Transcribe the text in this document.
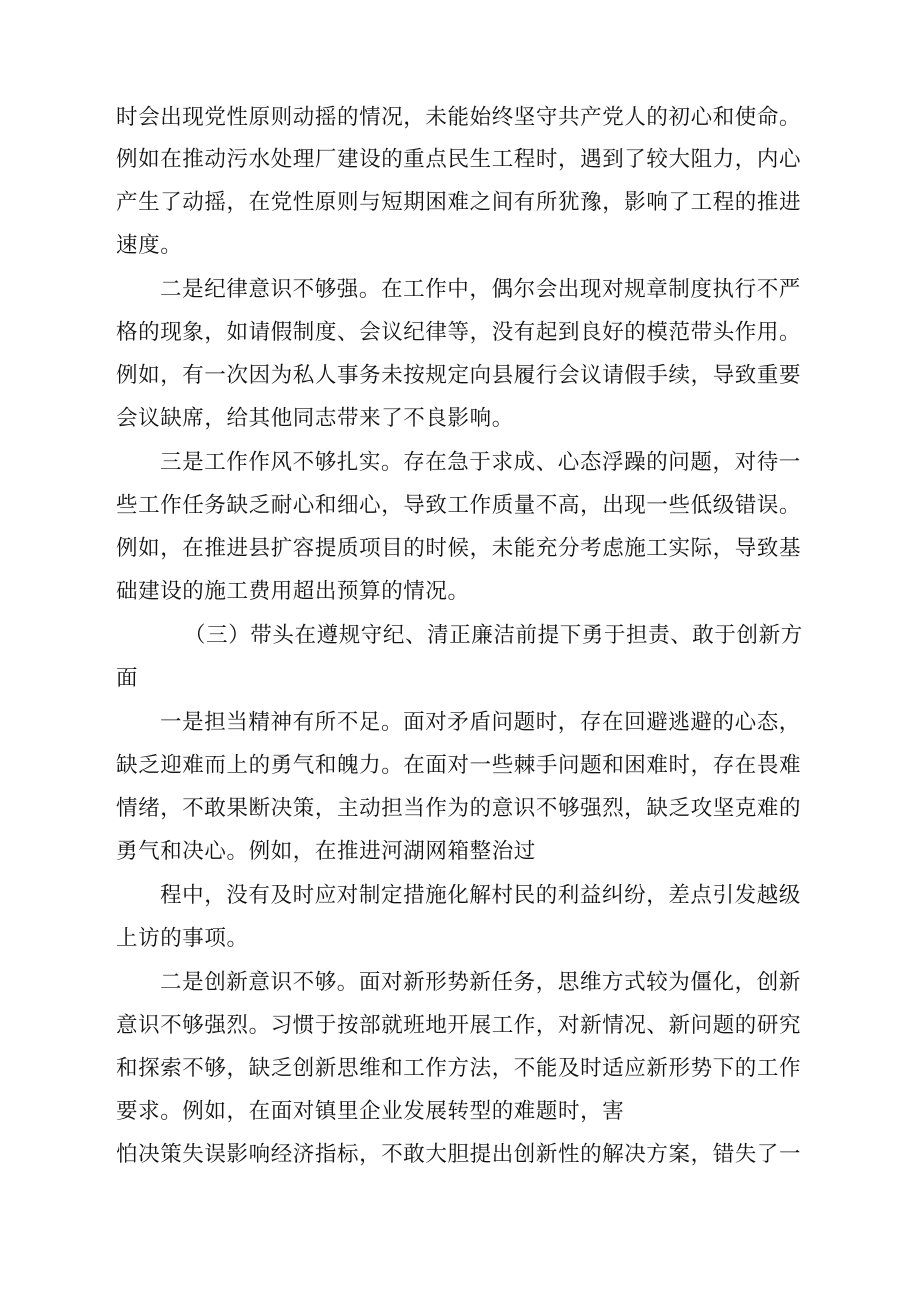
时会出现党性原则动摇的情况，未能始终坚守共产党人的初心和使命。
例如在推动污水处理厂建设的重点民生工程时，遇到了较大阻力，内心
产生了动摇，在党性原则与短期困难之间有所犹豫，影响了工程的推进
速度。
二是纪律意识不够强。在工作中，偶尔会出现对规章制度执行不严
格的现象，如请假制度、会议纪律等，没有起到良好的模范带头作用。
例如，有一次因为私人事务未按规定向县履行会议请假手续，导致重要
会议缺席，给其他同志带来了不良影响。
三是工作作风不够扎实。存在急于求成、心态浮躁的问题，对待一
些工作任务缺乏耐心和细心，导致工作质量不高，出现一些低级错误。
例如，在推进县扩容提质项目的时候，未能充分考虑施工实际，导致基
础建设的施工费用超出预算的情况。
（三）带头在遵规守纪、清正廉洁前提下勇于担责、敢于创新方
面
一是担当精神有所不足。面对矛盾问题时，存在回避逃避的心态，
缺乏迎难而上的勇气和魄力。在面对一些棘手问题和困难时，存在畏难
情绪，不敢果断决策，主动担当作为的意识不够强烈，缺乏攻坚克难的
勇气和决心。例如，在推进河湖网箱整治过
程中，没有及时应对制定措施化解村民的利益纠纷，差点引发越级
上访的事项。
二是创新意识不够。面对新形势新任务，思维方式较为僵化，创新
意识不够强烈。习惯于按部就班地开展工作，对新情况、新问题的研究
和探索不够，缺乏创新思维和工作方法，不能及时适应新形势下的工作
要求。例如，在面对镇里企业发展转型的难题时，害
怕决策失误影响经济指标，不敢大胆提出创新性的解决方案，错失了一
